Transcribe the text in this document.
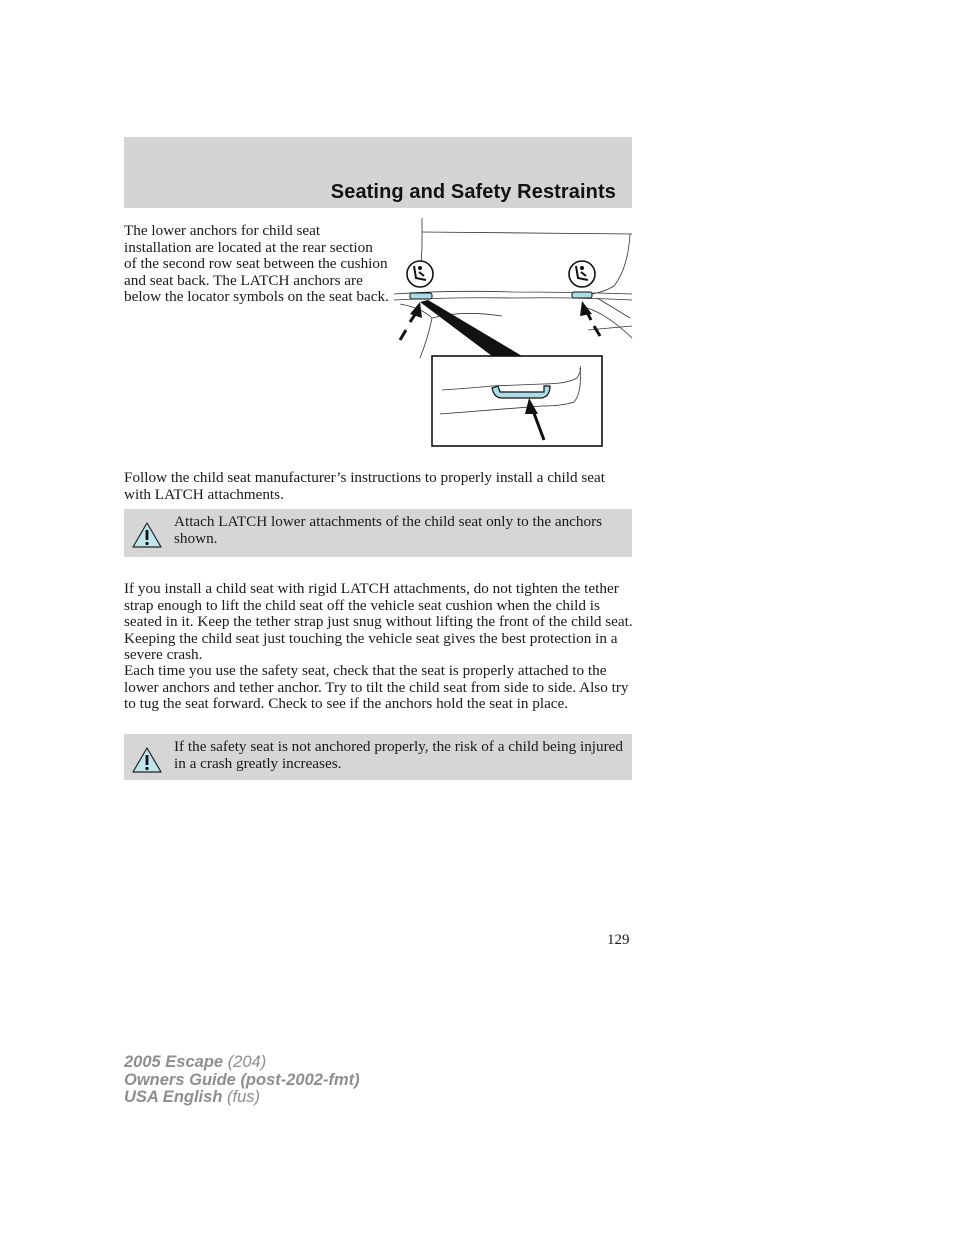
Seating and Safety Restraints
The lower anchors for child seat installation are located at the rear section of the second row seat between the cushion and seat back. The LATCH anchors are below the locator symbols on the seat back.
Follow the child seat manufacturer’s instructions to properly install a child seat with LATCH attachments.
Attach LATCH lower attachments of the child seat only to the anchors shown.
If you install a child seat with rigid LATCH attachments, do not tighten the tether strap enough to lift the child seat off the vehicle seat cushion when the child is seated in it. Keep the tether strap just snug without lifting the front of the child seat. Keeping the child seat just touching the vehicle seat gives the best protection in a severe crash.
Each time you use the safety seat, check that the seat is properly attached to the lower anchors and tether anchor. Try to tilt the child seat from side to side. Also try to tug the seat forward. Check to see if the anchors hold the seat in place.
If the safety seat is not anchored properly, the risk of a child being injured in a crash greatly increases.
129
2005 Escape (204)
Owners Guide (post-2002-fmt)
USA English (fus)
